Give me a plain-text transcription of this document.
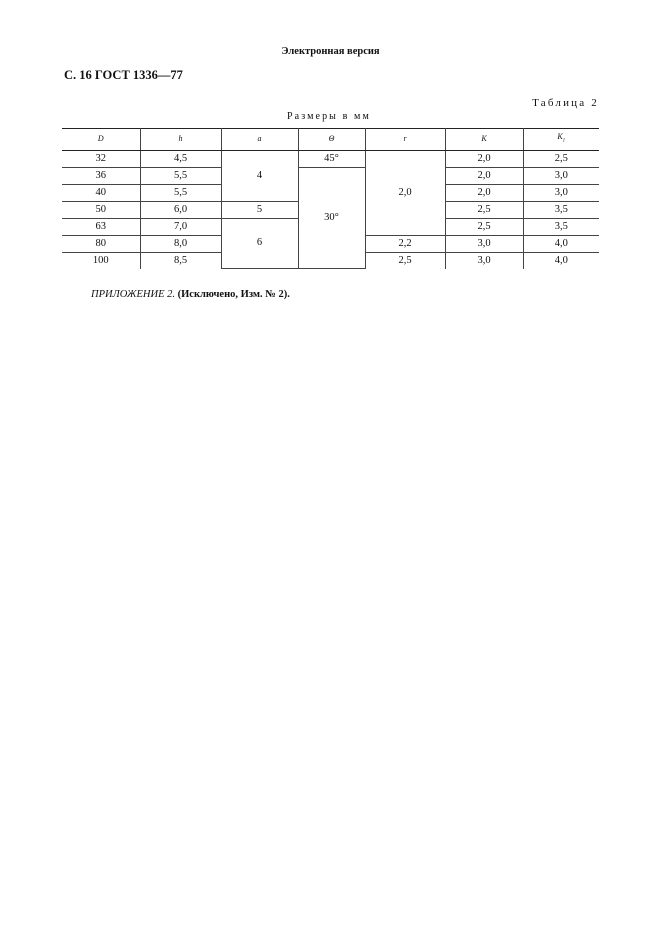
Электронная версия
С. 16 ГОСТ 1336—77
Таблица 2
Размеры в мм
D	h	a	Θ	r	K	$K_1$
32	4,5	4	45°	2,0	2,0	2,5
36	5,5		30°		2,0	3,0
40	5,5				2,0	3,0
50	6,0	5			2,5	3,5
63	7,0	6			2,5	3,5
80	8,0			2,2	3,0	4,0
100	8,5			2,5	3,0	4,0
ПРИЛОЖЕНИЕ 2. (Исключено, Изм. № 2).
